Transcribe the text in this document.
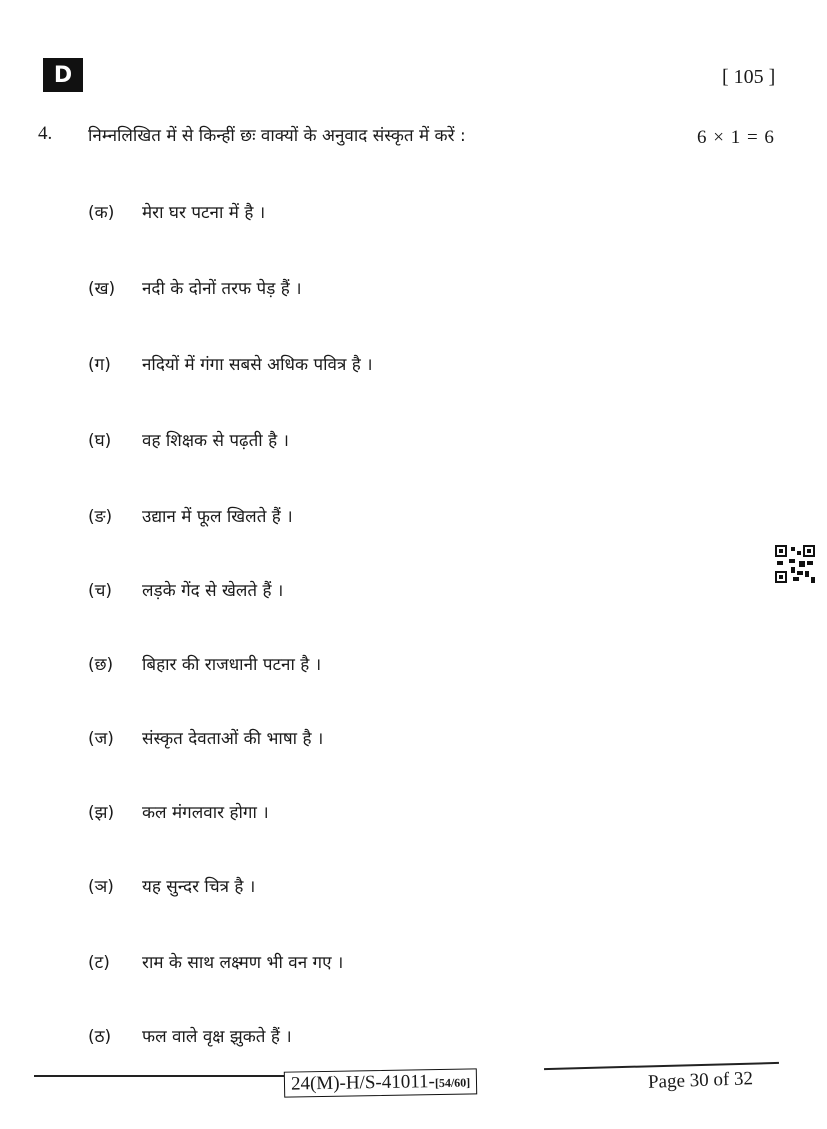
D	[ 105 ]
4. निम्नलिखित में से किन्हीं छः वाक्यों के अनुवाद संस्कृत में करें :	6 × 1 = 6
(क)	मेरा घर पटना में है ।
(ख)	नदी के दोनों तरफ पेड़ हैं ।
(ग)	नदियों में गंगा सबसे अधिक पवित्र है ।
(घ)	वह शिक्षक से पढ़ती है ।
(ङ)	उद्यान में फूल खिलते हैं ।
(च)	लड़के गेंद से खेलते हैं ।
(छ)	बिहार की राजधानी पटना है ।
(ज)	संस्कृत देवताओं की भाषा है ।
(झ)	कल मंगलवार होगा ।
(ञ)	यह सुन्दर चित्र है ।
(ट)	राम के साथ लक्ष्मण भी वन गए ।
(ठ)	फल वाले वृक्ष झुकते हैं ।
24(M)-H/S-41011-[54/60]	Page 30 of 32
